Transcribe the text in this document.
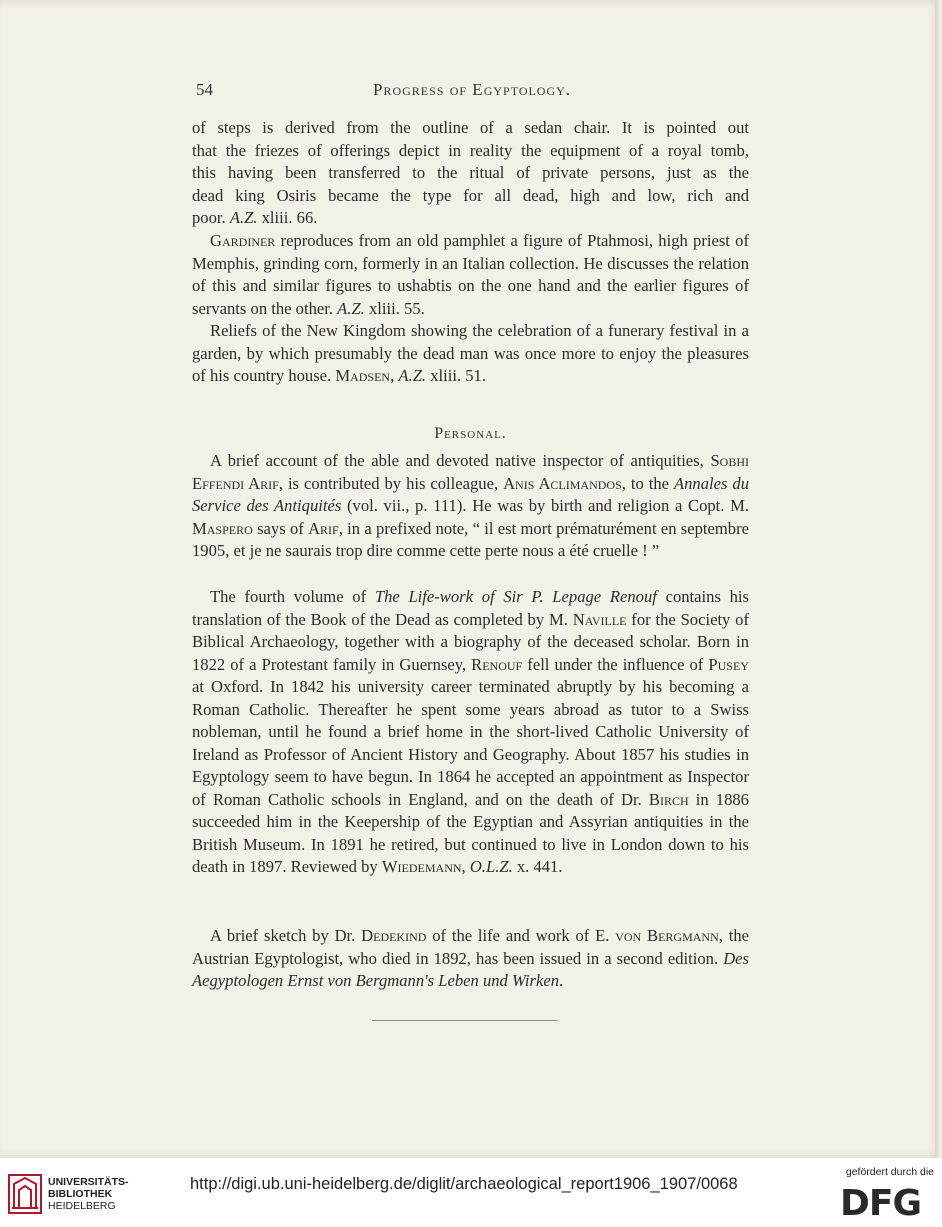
54	Progress of Egyptology.
of steps is derived from the outline of a sedan chair. It is pointed out
that the friezes of offerings depict in reality the equipment of a royal tomb,
this having been transferred to the ritual of private persons, just as the
dead king Osiris became the type for all dead, high and low, rich and
poor. A.Z. xliii. 66.

Gardiner reproduces from an old pamphlet a figure of Ptahmosi, high priest of Memphis, grinding corn, formerly in an Italian collection. He discusses the relation of this and similar figures to ushabtis on the one hand and the earlier figures of servants on the other. A.Z. xliii. 55.

Reliefs of the New Kingdom showing the celebration of a funerary festival in a garden, by which presumably the dead man was once more to enjoy the pleasures of his country house. Madsen, A.Z. xliii. 51.

Personal.

A brief account of the able and devoted native inspector of antiquities, Sobhi Effendi Arif, is contributed by his colleague, Anis Aclimandos, to the Annales du Service des Antiquités (vol. vii., p. 111). He was by birth and religion a Copt. M. Maspero says of Arif, in a prefixed note, “ il est mort prématurément en septembre 1905, et je ne saurais trop dire comme cette perte nous a été cruelle ! ”

The fourth volume of The Life-work of Sir P. Lepage Renouf contains his translation of the Book of the Dead as completed by M. Naville for the Society of Biblical Archaeology, together with a biography of the deceased scholar. Born in 1822 of a Protestant family in Guernsey, Renouf fell under the influence of Pusey at Oxford. In 1842 his university career terminated abruptly by his becoming a Roman Catholic. Thereafter he spent some years abroad as tutor to a Swiss nobleman, until he found a brief home in the short-lived Catholic University of Ireland as Professor of Ancient History and Geography. About 1857 his studies in Egyptology seem to have begun. In 1864 he accepted an appointment as Inspector of Roman Catholic schools in England, and on the death of Dr. Birch in 1886 succeeded him in the Keepership of the Egyptian and Assyrian antiquities in the British Museum. In 1891 he retired, but continued to live in London down to his death in 1897. Reviewed by Wiedemann, O.L.Z. x. 441.

A brief sketch by Dr. Dedekind of the life and work of E. von Bergmann, the Austrian Egyptologist, who died in 1892, has been issued in a second edition. Des Aegyptologen Ernst von Bergmann's Leben und Wirken.

UNIVERSITÄTS-
BIBLIOTHEK
HEIDELBERG
http://digi.ub.uni-heidelberg.de/diglit/archaeological_report1906_1907/0068
gefördert durch die
DFG
